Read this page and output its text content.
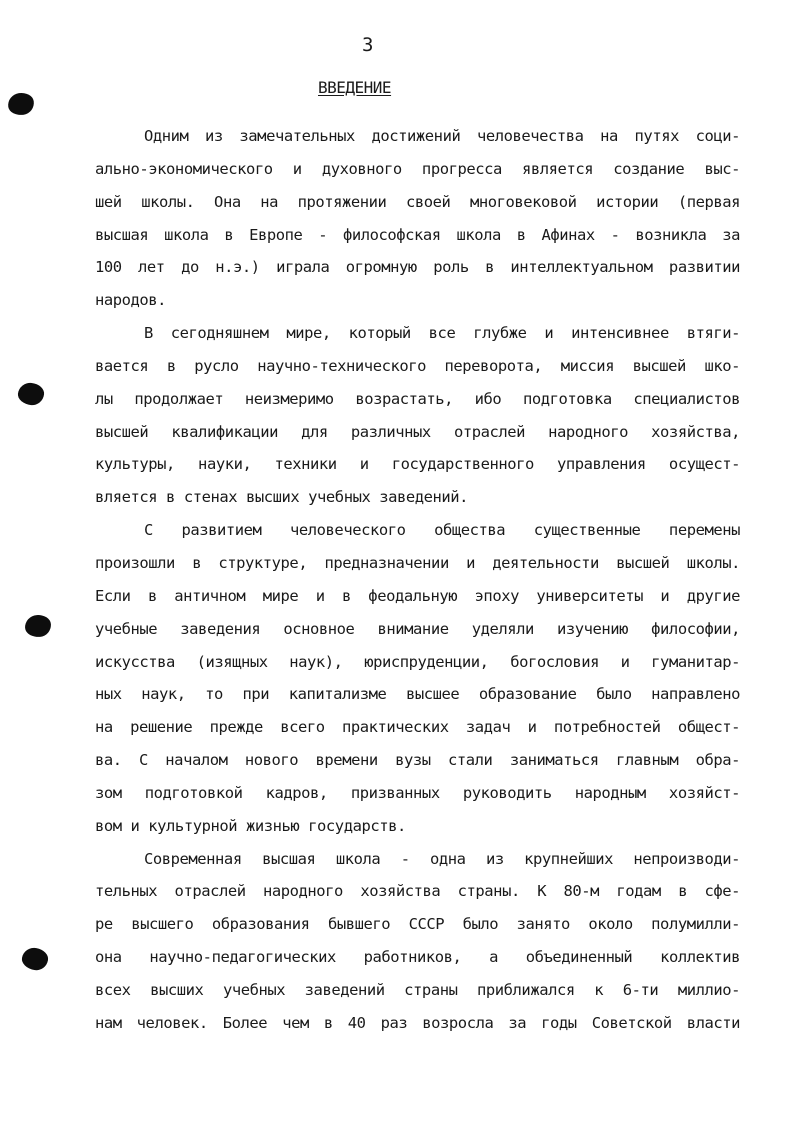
3
ВВЕДЕНИЕ
Одним из замечательных достижений человечества на путях соци-
ально-экономического и духовного прогресса является создание выс-
шей школы. Она на протяжении своей многовековой истории (первая
высшая школа в Европе - философская школа в Афинах - возникла за
100 лет до н.э.) играла огромную роль в интеллектуальном развитии
народов.
В сегодняшнем мире, который все глубже и интенсивнее втяги-
вается в русло научно-технического переворота, миссия высшей шко-
лы продолжает неизмеримо возрастать, ибо подготовка специалистов
высшей квалификации для различных отраслей народного хозяйства,
культуры, науки, техники и государственного управления осущест-
вляется в стенах высших учебных заведений.
С развитием человеческого общества существенные перемены
произошли в структуре, предназначении и деятельности высшей школы.
Если в античном мире и в феодальную эпоху университеты и другие
учебные заведения основное внимание уделяли изучению философии,
искусства (изящных наук), юриспруденции, богословия и гуманитар-
ных наук, то при капитализме высшее образование было направлено
на решение прежде всего практических задач и потребностей общест-
ва. С началом нового времени вузы стали заниматься главным обра-
зом подготовкой кадров, призванных руководить народным хозяйст-
вом и культурной жизнью государств.
Современная высшая школа - одна из крупнейших непроизводи-
тельных отраслей народного хозяйства страны. К 80-м годам в сфе-
ре высшего образования бывшего СССР было занято около полумилли-
она научно-педагогических работников, а объединенный коллектив
всех высших учебных заведений страны приближался к 6-ти миллио-
нам человек. Более чем в 40 раз возросла за годы Советской власти
